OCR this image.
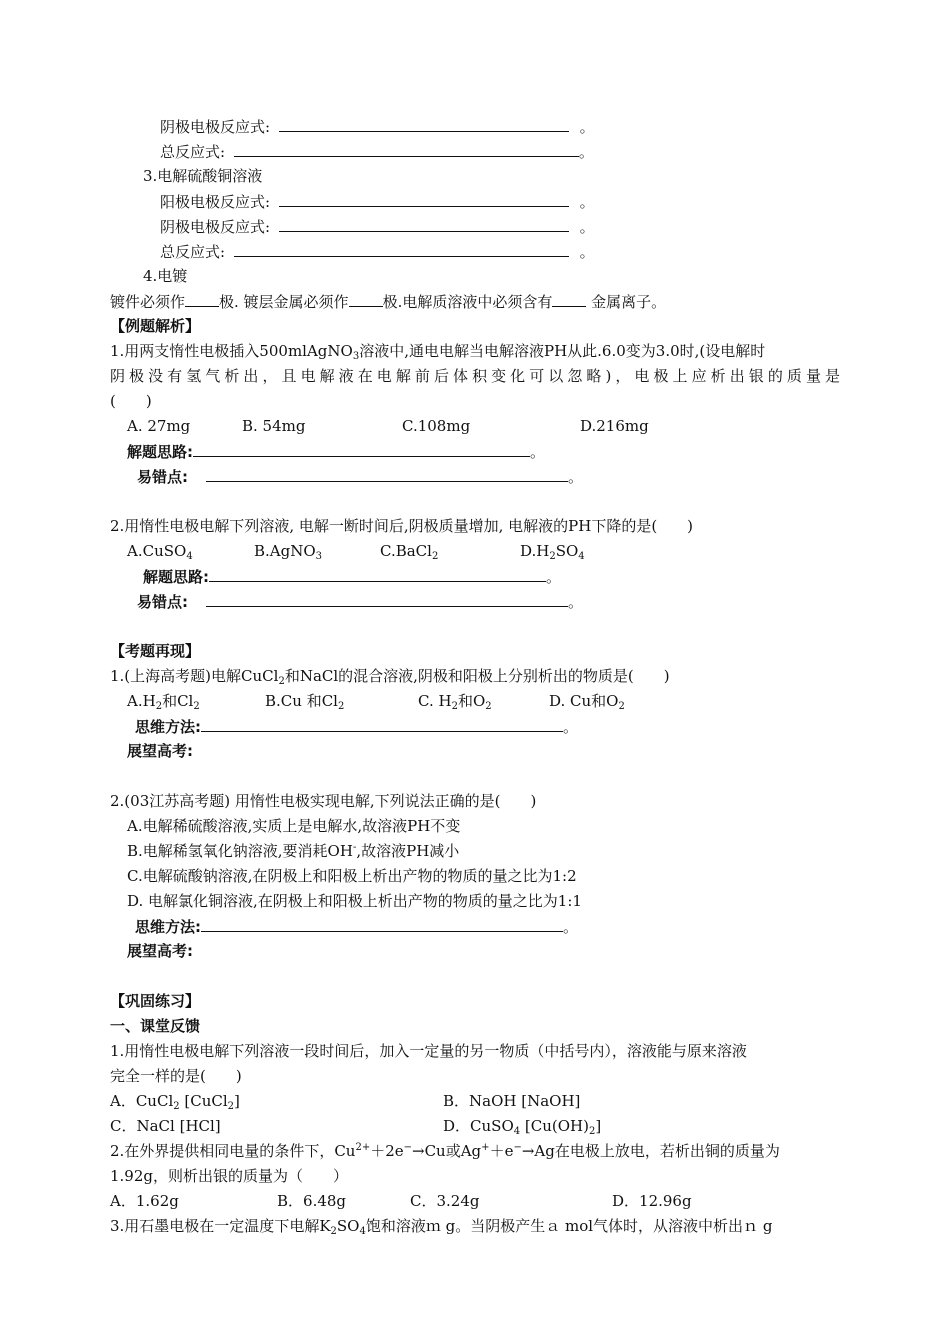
阴极电极反应式:	。
总反应式:	。
3.电解硫酸铜溶液
阳极电极反应式:	。
阴极电极反应式:	。
总反应式:	。
4.电镀
镀件必须作 极. 镀层金属必须作 极.电解质溶液中必须含有 金属离子。
【例题解析】
1.用两支惰性电极插入500mlAgNO$_3$溶液中,通电电解当电解溶液PH从此.6.0变为3.0时,(设电解时
阴极没有氢气析出，且电解液在电解前后体积变化可以忽略)，电极上应析出银的质量是
(　　)
A. 27mg	B. 54mg	C.108mg	D.216mg
解题思路:	。
易错点:	。
2.用惰性电极电解下列溶液, 电解一断时间后,阴极质量增加, 电解液的PH下降的是(　　)
A.CuSO$_4$	B.AgNO$_3$	C.BaCl$_2$	$D.H_2SO_4$
解题思路:	。
易错点:	。
【考题再现】
1.(上海高考题)电解CuCl$_2$和NaCl的混合溶液,阴极和阳极上分别析出的物质是(　　)
$A.H_2$和$Cl_2$	B.Cu 和$Cl_2$	C. $H_2$和$O_2$	D. Cu和$O_2$
思维方法:	。
展望高考:
2.(03江苏高考题) 用惰性电极实现电解,下列说法正确的是(　　)
A.电解稀硫酸溶液,实质上是电解水,故溶液PH不变
B.电解稀氢氧化钠溶液,要消耗OH-,故溶液PH减小
C.电解硫酸钠溶液,在阴极上和阳极上析出产物的物质的量之比为1:2
D. 电解氯化铜溶液,在阴极上和阳极上析出产物的物质的量之比为1:1
思维方法:	。
展望高考:
【巩固练习】
一、课堂反馈
1.用惰性电极电解下列溶液一段时间后，加入一定量的另一物质（中括号内），溶液能与原来溶液
完全一样的是(　　)
A．CuCl$_2$ [CuCl$_2$]	B．NaOH [NaOH]
C．NaCl [HCl]	D．CuSO$_4$ $[Cu(OH)_2]$
2.在外界提供相同电量的条件下，$Cu^{2+}+2e^-\to Cu$或Ag+＋e−→Ag在电极上放电，若析出铜的质量为
1.92g，则析出银的质量为（　　）
A．1.62g	B．6.48g	C．3.24g	D．12.96g
3.用石墨电极在一定温度下电解$K_2SO_4$饱和溶液ｍ g。当阴极产生ａ mol气体时，从溶液中析出ｎ g
